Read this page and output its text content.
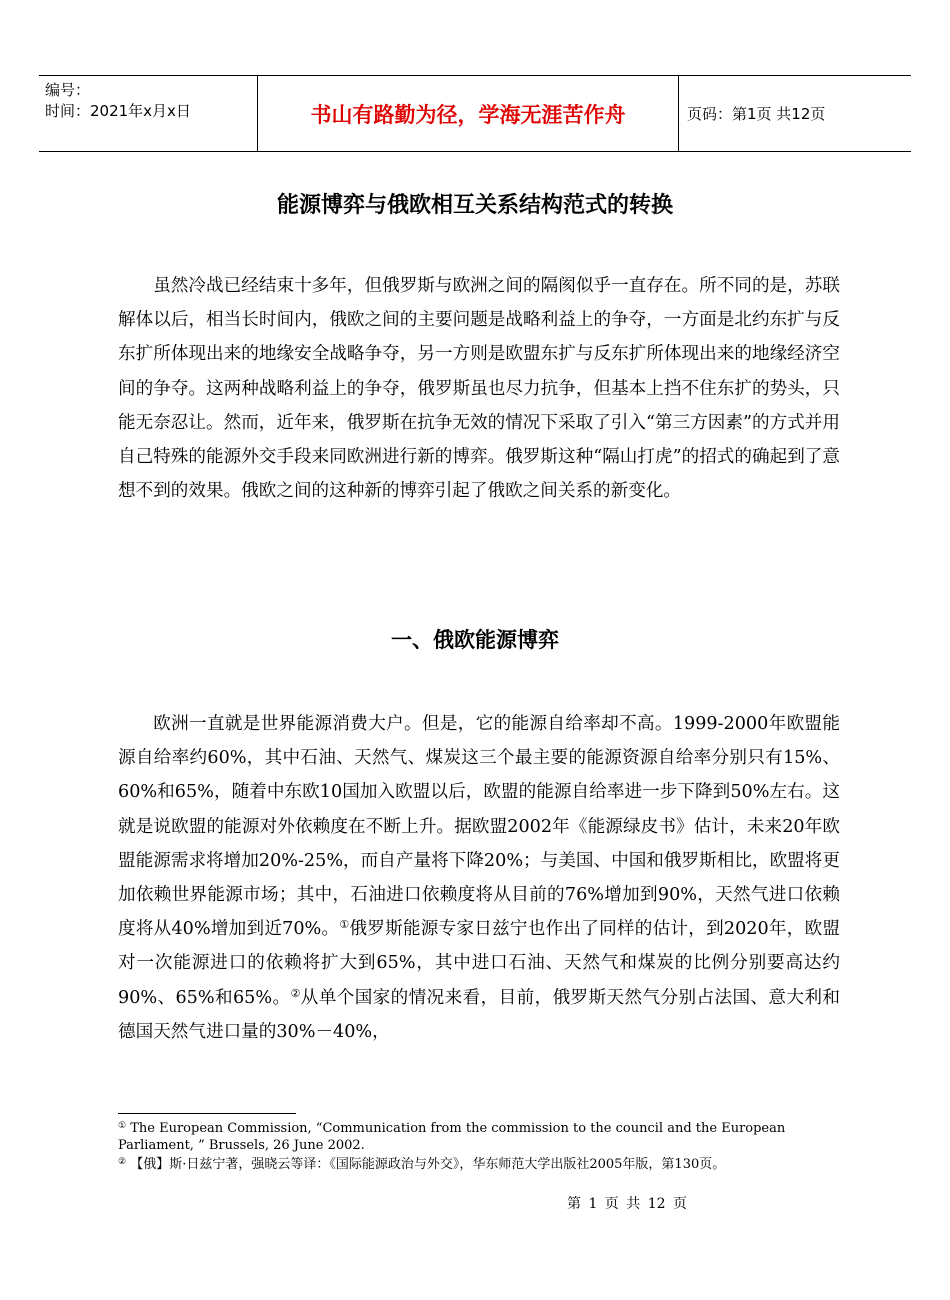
编号：
时间：2021年x月x日	书山有路勤为径，学海无涯苦作舟	页码：第1页 共12页
能源博弈与俄欧相互关系结构范式的转换

虽然冷战已经结束十多年，但俄罗斯与欧洲之间的隔阂似乎一直存在。所不同的是，苏联解体以后，相当长时间内，俄欧之间的主要问题是战略利益上的争夺，一方面是北约东扩与反东扩所体现出来的地缘安全战略争夺，另一方则是欧盟东扩与反东扩所体现出来的地缘经济空间的争夺。这两种战略利益上的争夺，俄罗斯虽也尽力抗争，但基本上挡不住东扩的势头，只能无奈忍让。然而，近年来，俄罗斯在抗争无效的情况下采取了引入“第三方因素”的方式并用自己特殊的能源外交手段来同欧洲进行新的博弈。俄罗斯这种“隔山打虎”的招式的确起到了意想不到的效果。俄欧之间的这种新的博弈引起了俄欧之间关系的新变化。

一、俄欧能源博弈

欧洲一直就是世界能源消费大户。但是，它的能源自给率却不高。1999-2000年欧盟能源自给率约60%，其中石油、天然气、煤炭这三个最主要的能源资源自给率分别只有15%、60%和65%，随着中东欧10国加入欧盟以后，欧盟的能源自给率进一步下降到50%左右。这就是说欧盟的能源对外依赖度在不断上升。据欧盟2002年《能源绿皮书》估计，未来20年欧盟能源需求将增加20%-25%，而自产量将下降20%；与美国、中国和俄罗斯相比，欧盟将更加依赖世界能源市场；其中，石油进口依赖度将从目前的76%增加到90%，天然气进口依赖度将从40%增加到近70%。①俄罗斯能源专家日兹宁也作出了同样的估计，到2020年，欧盟对一次能源进口的依赖将扩大到65%，其中进口石油、天然气和煤炭的比例分别要高达约90%、65%和65%。②从单个国家的情况来看，目前，俄罗斯天然气分别占法国、意大利和德国天然气进口量的30%－40%，

① The European Commission, “Communication from the commission to the council and the European Parliament, ” Brussels, 26 June 2002.
② 【俄】斯·日兹宁著，强晓云等译：《国际能源政治与外交》，华东师范大学出版社2005年版，第130页。
第 1 页 共 12 页
